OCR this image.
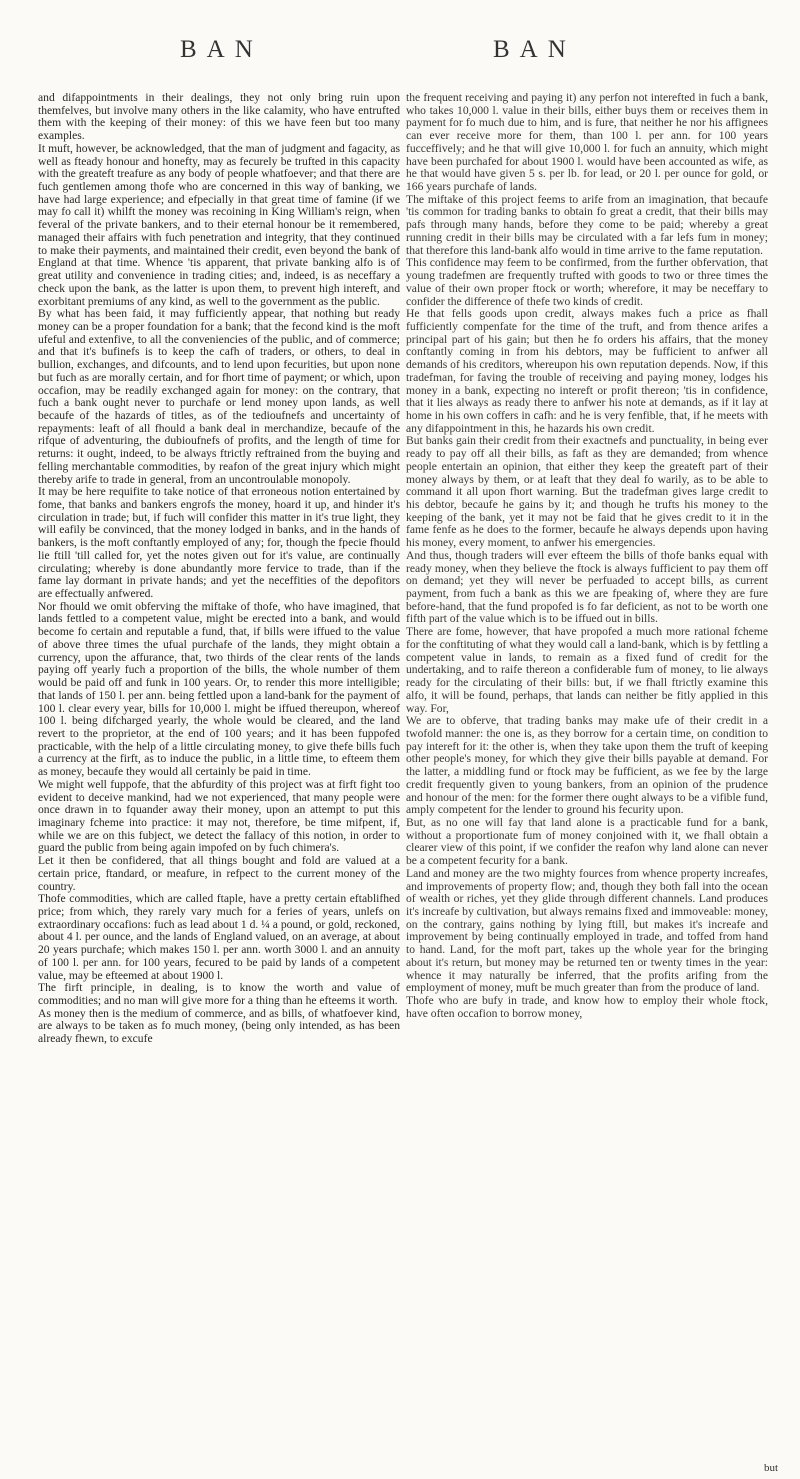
BAN	BAN

and difappointments in their dealings, they not only bring ruin upon themfelves, but involve many others in the like calamity, who have entrufted them with the keeping of their money: of this we have feen but too many examples.

It muft, however, be acknowledged, that the man of judgment and fagacity, as well as fteady honour and honefty, may as fecurely be trufted in this capacity with the greateft treafure as any body of people whatfoever; and that there are fuch gentlemen among thofe who are concerned in this way of banking, we have had large experience; and efpecially in that great time of famine (if we may fo call it) whilft the money was recoining in King William's reign, when feveral of the private bankers, and to their eternal honour be it remembered, managed their affairs with fuch penetration and integrity, that they continued to make their payments, and maintained their credit, even beyond the bank of England at that time. Whence 'tis apparent, that private banking alfo is of great utility and convenience in trading cities; and, indeed, is as neceffary a check upon the bank, as the latter is upon them, to prevent high intereft, and exorbitant premiums of any kind, as well to the government as the public.

By what has been faid, it may fufficiently appear, that nothing but ready money can be a proper foundation for a bank; that the fecond kind is the moft ufeful and extenfive, to all the conveniencies of the public, and of commerce; and that it's bufinefs is to keep the cafh of traders, or others, to deal in bullion, exchanges, and difcounts, and to lend upon fecurities, but upon none but fuch as are morally certain, and for fhort time of payment; or which, upon occafion, may be readily exchanged again for money: on the contrary, that fuch a bank ought never to purchafe or lend money upon lands, as well becaufe of the hazards of titles, as of the tedioufnefs and uncertainty of repayments: leaft of all fhould a bank deal in merchandize, becaufe of the rifque of adventuring, the dubioufnefs of profits, and the length of time for returns: it ought, indeed, to be always ftrictly reftrained from the buying and felling merchantable commodities, by reafon of the great injury which might thereby arife to trade in general, from an uncontroulable monopoly.

It may be here requifite to take notice of that erroneous notion entertained by fome, that banks and bankers engrofs the money, hoard it up, and hinder it's circulation in trade; but, if fuch will confider this matter in it's true light, they will eafily be convinced, that the money lodged in banks, and in the hands of bankers, is the moft conftantly employed of any; for, though the fpecie fhould lie ftill 'till called for, yet the notes given out for it's value, are continually circulating; whereby is done abundantly more fervice to trade, than if the fame lay dormant in private hands; and yet the neceffities of the depofitors are effectually anfwered.

Nor fhould we omit obferving the miftake of thofe, who have imagined, that lands fettled to a competent value, might be erected into a bank, and would become fo certain and reputable a fund, that, if bills were iffued to the value of above three times the ufual purchafe of the lands, they might obtain a currency, upon the affurance, that, two thirds of the clear rents of the lands paying off yearly fuch a proportion of the bills, the whole number of them would be paid off and funk in 100 years. Or, to render this more intelligible; that lands of 150 l. per ann. being fettled upon a land-bank for the payment of 100 l. clear every year, bills for 10,000 l. might be iffued thereupon, whereof 100 l. being difcharged yearly, the whole would be cleared, and the land revert to the proprietor, at the end of 100 years; and it has been fuppofed practicable, with the help of a little circulating money, to give thefe bills fuch a currency at the firft, as to induce the public, in a little time, to efteem them as money, becaufe they would all certainly be paid in time.

We might well fuppofe, that the abfurdity of this project was at firft fight too evident to deceive mankind, had we not experienced, that many people were once drawn in to fquander away their money, upon an attempt to put this imaginary fcheme into practice: it may not, therefore, be time mifpent, if, while we are on this fubject, we detect the fallacy of this notion, in order to guard the public from being again impofed on by fuch chimera's.

Let it then be confidered, that all things bought and fold are valued at a certain price, ftandard, or meafure, in refpect to the current money of the country.

Thofe commodities, which are called ftaple, have a pretty certain eftablifhed price; from which, they rarely vary much for a feries of years, unlefs on extraordinary occafions: fuch as lead about 1 d. ¼ a pound, or gold, reckoned, about 4 l. per ounce, and the lands of England valued, on an average, at about 20 years purchafe; which makes 150 l. per ann. worth 3000 l. and an annuity of 100 l. per ann. for 100 years, fecured to be paid by lands of a competent value, may be efteemed at about 1900 l.

The firft principle, in dealing, is to know the worth and value of commodities; and no man will give more for a thing than he efteems it worth.

As money then is the medium of commerce, and as bills, of whatfoever kind, are always to be taken as fo much money, (being only intended, as has been already fhewn, to excufe

the frequent receiving and paying it) any perfon not interefted in fuch a bank, who takes 10,000 l. value in their bills, either buys them or receives them in payment for fo much due to him, and is fure, that neither he nor his affignees can ever receive more for them, than 100 l. per ann. for 100 years fucceffively; and he that will give 10,000 l. for fuch an annuity, which might have been purchafed for about 1900 l. would have been accounted as wife, as he that would have given 5 s. per lb. for lead, or 20 l. per ounce for gold, or 166 years purchafe of lands.

The miftake of this project feems to arife from an imagination, that becaufe 'tis common for trading banks to obtain fo great a credit, that their bills may pafs through many hands, before they come to be paid; whereby a great running credit in their bills may be circulated with a far lefs fum in money; that therefore this land-bank alfo would in time arrive to the fame reputation.

This confidence may feem to be confirmed, from the further obfervation, that young tradefmen are frequently trufted with goods to two or three times the value of their own proper ftock or worth; wherefore, it may be neceffary to confider the difference of thefe two kinds of credit.

He that fells goods upon credit, always makes fuch a price as fhall fufficiently compenfate for the time of the truft, and from thence arifes a principal part of his gain; but then he fo orders his affairs, that the money conftantly coming in from his debtors, may be fufficient to anfwer all demands of his creditors, whereupon his own reputation depends. Now, if this tradefman, for faving the trouble of receiving and paying money, lodges his money in a bank, expecting no intereft or profit thereon; 'tis in confidence, that it lies always as ready there to anfwer his note at demands, as if it lay at home in his own coffers in cafh: and he is very fenfible, that, if he meets with any difappointment in this, he hazards his own credit.

But banks gain their credit from their exactnefs and punctuality, in being ever ready to pay off all their bills, as faft as they are demanded; from whence people entertain an opinion, that either they keep the greateft part of their money always by them, or at leaft that they deal fo warily, as to be able to command it all upon fhort warning. But the tradefman gives large credit to his debtor, becaufe he gains by it; and though he trufts his money to the keeping of the bank, yet it may not be faid that he gives credit to it in the fame fenfe as he does to the former, becaufe he always depends upon having his money, every moment, to anfwer his emergencies.

And thus, though traders will ever efteem the bills of thofe banks equal with ready money, when they believe the ftock is always fufficient to pay them off on demand; yet they will never be perfuaded to accept bills, as current payment, from fuch a bank as this we are fpeaking of, where they are fure before-hand, that the fund propofed is fo far deficient, as not to be worth one fifth part of the value which is to be iffued out in bills.

There are fome, however, that have propofed a much more rational fcheme for the conftituting of what they would call a land-bank, which is by fettling a competent value in lands, to remain as a fixed fund of credit for the undertaking, and to raife thereon a confiderable fum of money, to lie always ready for the circulating of their bills: but, if we fhall ftrictly examine this alfo, it will be found, perhaps, that lands can neither be fitly applied in this way. For,

We are to obferve, that trading banks may make ufe of their credit in a twofold manner: the one is, as they borrow for a certain time, on condition to pay intereft for it: the other is, when they take upon them the truft of keeping other people's money, for which they give their bills payable at demand. For the latter, a middling fund or ftock may be fufficient, as we fee by the large credit frequently given to young bankers, from an opinion of the prudence and honour of the men: for the former there ought always to be a vifible fund, amply competent for the lender to ground his fecurity upon.

But, as no one will fay that land alone is a practicable fund for a bank, without a proportionate fum of money conjoined with it, we fhall obtain a clearer view of this point, if we confider the reafon why land alone can never be a competent fecurity for a bank.

Land and money are the two mighty fources from whence property increafes, and improvements of property flow; and, though they both fall into the ocean of wealth or riches, yet they glide through different channels. Land produces it's increafe by cultivation, but always remains fixed and immoveable: money, on the contrary, gains nothing by lying ftill, but makes it's increafe and improvement by being continually employed in trade, and toffed from hand to hand. Land, for the moft part, takes up the whole year for the bringing about it's return, but money may be returned ten or twenty times in the year: whence it may naturally be inferred, that the profits arifing from the employment of money, muft be much greater than from the produce of land.

Thofe who are bufy in trade, and know how to employ their whole ftock, have often occafion to borrow money,

but
